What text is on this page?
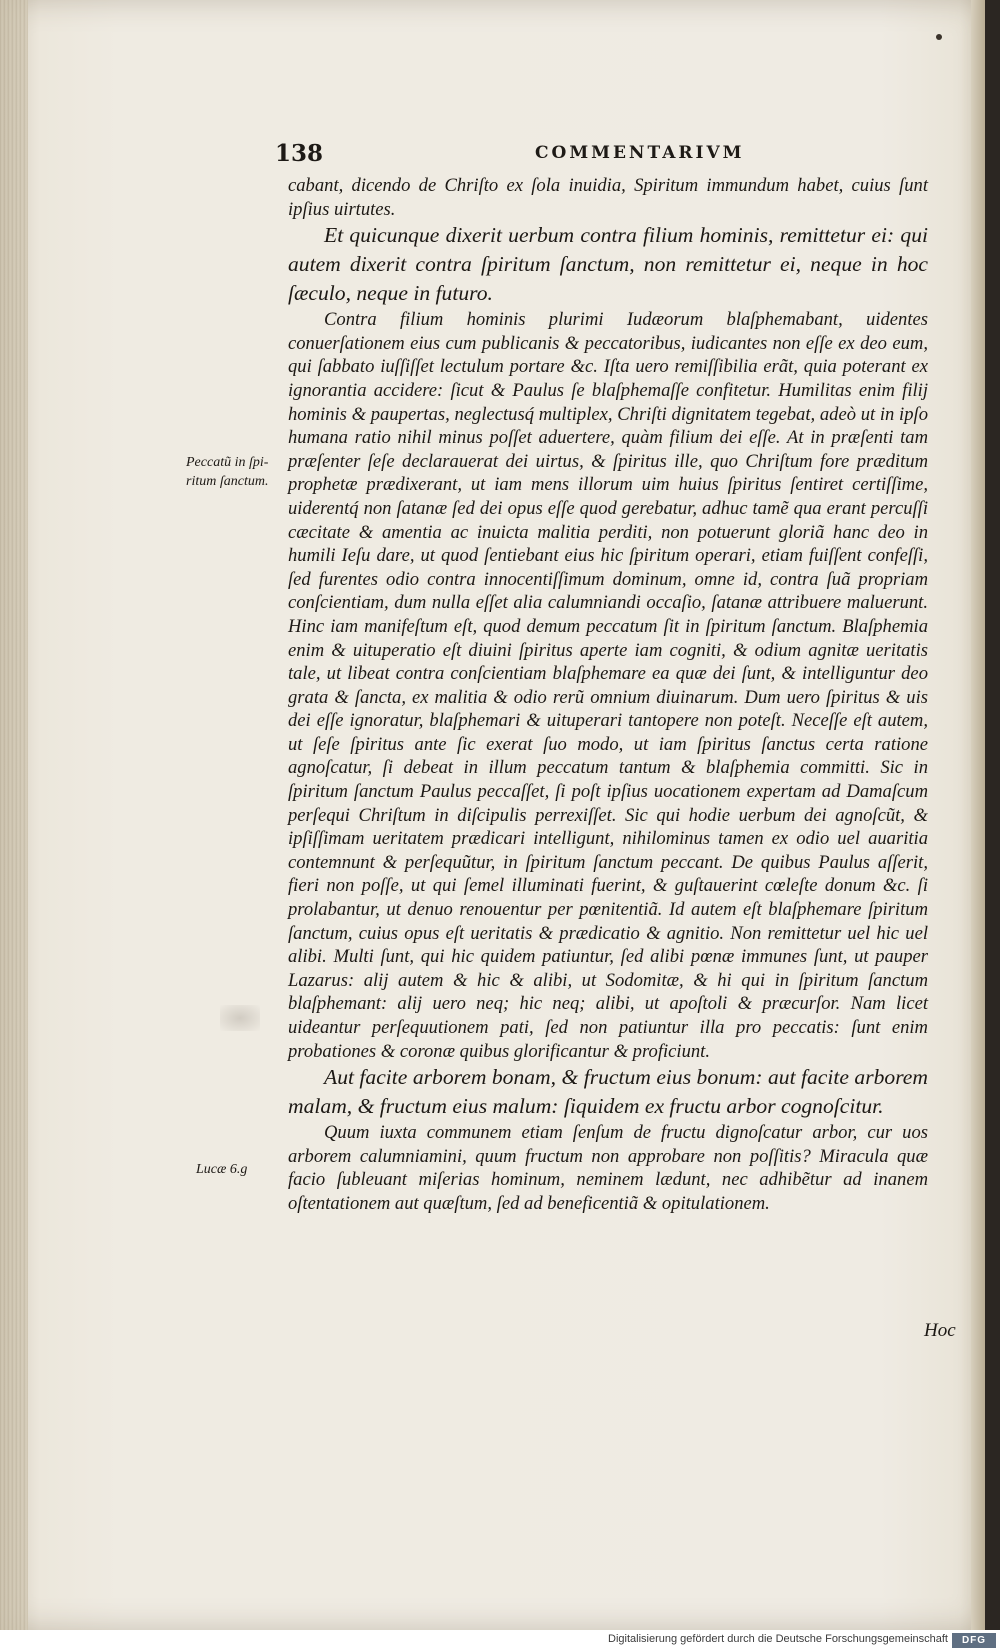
138	COMMENTARIVM
Peccatũ in ſpi- ritum ſanctum.
Lucæ 6.g

cabant, dicendo de Chriſto ex ſola inuidia, Spiritum immundum habet, cuius ſunt ipſius uirtutes.

Et quicunque dixerit uerbum contra filium hominis, remittetur ei: qui autem dixerit contra ſpiritum ſanctum, non remittetur ei, neque in hoc ſæculo, neque in futuro.

Contra filium hominis plurimi Iudæorum blaſphemabant, uidentes conuerſationem eius cum publicanis & peccatoribus, iudicantes non eſſe ex deo eum, qui ſabbato iuſſiſſet lectulum portare &c. Iſta uero remiſſibilia erãt, quia poterant ex ignorantia accidere: ſicut & Paulus ſe blaſphemaſſe confitetur. Humilitas enim filij hominis & paupertas, neglectusq́ multiplex, Chriſti dignitatem tegebat, adeò ut in ipſo humana ratio nihil minus poſſet aduertere, quàm filium dei eſſe. At in præſenti tam præſenter ſeſe declarauerat dei uirtus, & ſpiritus ille, quo Chriſtum fore præditum prophetæ prædixerant, ut iam mens illorum uim huius ſpiritus ſentiret certiſſime, uiderentq́ non ſatanæ ſed dei opus eſſe quod gerebatur, adhuc tamẽ qua erant percuſſi cæcitate & amentia ac inuicta malitia perditi, non potuerunt gloriã hanc deo in humili Ieſu dare, ut quod ſentiebant eius hic ſpiritum operari, etiam fuiſſent confeſſi, ſed furentes odio contra innocentiſſimum dominum, omne id, contra ſuã propriam conſcientiam, dum nulla eſſet alia calumniandi occaſio, ſatanæ attribuere maluerunt. Hinc iam manifeſtum eſt, quod demum peccatum ſit in ſpiritum ſanctum. Blaſphemia enim & uituperatio eſt diuini ſpiritus aperte iam cogniti, & odium agnitæ ueritatis tale, ut libeat contra conſcientiam blaſphemare ea quæ dei ſunt, & intelliguntur deo grata & ſancta, ex malitia & odio rerũ omnium diuinarum. Dum uero ſpiritus & uis dei eſſe ignoratur, blaſphemari & uituperari tantopere non poteſt. Neceſſe eſt autem, ut ſeſe ſpiritus ante ſic exerat ſuo modo, ut iam ſpiritus ſanctus certa ratione agnoſcatur, ſi debeat in illum peccatum tantum & blaſphemia committi. Sic in ſpiritum ſanctum Paulus peccaſſet, ſi poſt ipſius uocationem expertam ad Damaſcum perſequi Chriſtum in diſcipulis perrexiſſet. Sic qui hodie uerbum dei agnoſcũt, & ipſiſſimam ueritatem prædicari intelligunt, nihilominus tamen ex odio uel auaritia contemnunt & perſequũtur, in ſpiritum ſanctum peccant. De quibus Paulus aſſerit, fieri non poſſe, ut qui ſemel illuminati fuerint, & guſtauerint cœleſte donum &c. ſi prolabantur, ut denuo renouentur per pœnitentiã. Id autem eſt blaſphemare ſpiritum ſanctum, cuius opus eſt ueritatis & prædicatio & agnitio. Non remittetur uel hic uel alibi. Multi ſunt, qui hic quidem patiuntur, ſed alibi pœnæ immunes ſunt, ut pauper Lazarus: alij autem & hic & alibi, ut Sodomitæ, & hi qui in ſpiritum ſanctum blaſphemant: alij uero neq; hic neq; alibi, ut apoſtoli & præcurſor. Nam licet uideantur perſequutionem pati, ſed non patiuntur illa pro peccatis: ſunt enim probationes & coronæ quibus glorificantur & proficiunt.

Aut facite arborem bonam, & fructum eius bonum: aut facite arborem malam, & fructum eius malum: ſiquidem ex fructu arbor cognoſcitur.

Quum iuxta communem etiam ſenſum de fructu dignoſcatur arbor, cur uos arborem calumniamini, quum fructum non approbare non poſſitis? Miracula quæ facio ſubleuant miſerias hominum, neminem lædunt, nec adhibẽtur ad inanem oſtentationem aut quæſtum, ſed ad beneficentiã & opitulationem.

Hoc
Digitalisierung gefördert durch die Deutsche Forschungsgemeinschaft	DFG
